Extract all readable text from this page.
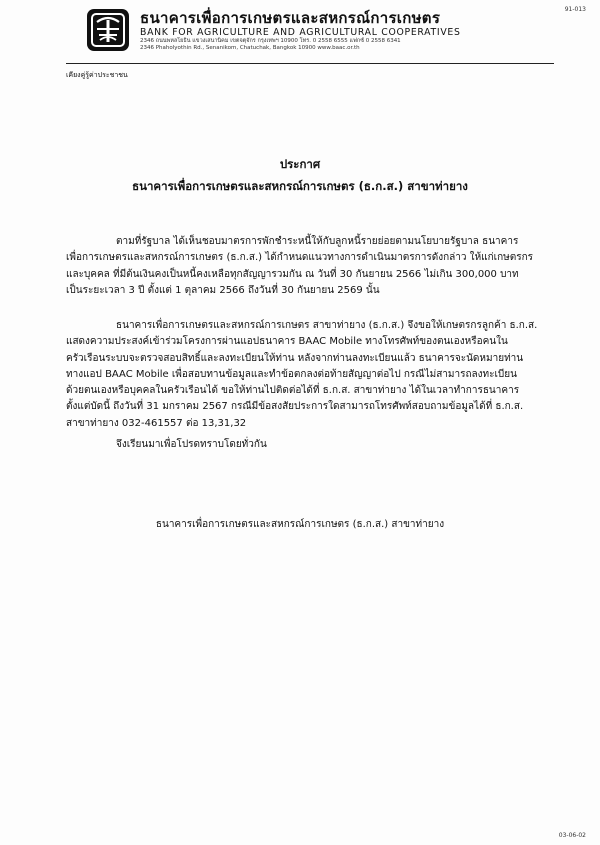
91-013
ธนาคารเพื่อการเกษตรและสหกรณ์การเกษตร
BANK FOR AGRICULTURE AND AGRICULTURAL COOPERATIVES
2346 ถนนพหลโยธิน แขวงเสนานิคม เขตจตุจักร กรุงเทพฯ 10900 โทร. 0 2558 6555 แฟกซ์ 0 2558 6341
2346 Phaholyothin Rd., Senanikom, Chatuchak, Bangkok 10900 www.baac.or.th
เคียงคู่รู้ค่าประชาชน
ประกาศ
ธนาคารเพื่อการเกษตรและสหกรณ์การเกษตร (ธ.ก.ส.) สาขาท่ายาง
ตามที่รัฐบาล ได้เห็นชอบมาตรการพักชำระหนี้ให้กับลูกหนี้รายย่อยตามนโยบายรัฐบาล ธนาคาร
เพื่อการเกษตรและสหกรณ์การเกษตร (ธ.ก.ส.) ได้กำหนดแนวทางการดำเนินมาตรการดังกล่าว ให้แก่เกษตรกร
และบุคคล ที่มีต้นเงินคงเป็นหนี้คงเหลือทุกสัญญารวมกัน ณ วันที่ 30 กันยายน 2566 ไม่เกิน 300,000 บาท
เป็นระยะเวลา 3 ปี ตั้งแต่ 1 ตุลาคม 2566 ถึงวันที่ 30 กันยายน 2569 นั้น
ธนาคารเพื่อการเกษตรและสหกรณ์การเกษตร สาขาท่ายาง (ธ.ก.ส.) จึงขอให้เกษตรกรลูกค้า ธ.ก.ส.
แสดงความประสงค์เข้าร่วมโครงการผ่านแอปธนาคาร BAAC Mobile ทางโทรศัพท์ของตนเองหรือคนใน
ครัวเรือนระบบจะตรวจสอบสิทธิ์และลงทะเบียนให้ท่าน หลังจากท่านลงทะเบียนแล้ว ธนาคารจะนัดหมายท่าน
ทางแอป BAAC Mobile เพื่อสอบทานข้อมูลและทำข้อตกลงต่อท้ายสัญญาต่อไป กรณีไม่สามารถลงทะเบียน
ด้วยตนเองหรือบุคคลในครัวเรือนได้ ขอให้ท่านไปติดต่อได้ที่ ธ.ก.ส. สาขาท่ายาง ได้ในเวลาทำการธนาคาร
ตั้งแต่บัดนี้ ถึงวันที่ 31 มกราคม 2567 กรณีมีข้อสงสัยประการใดสามารถโทรศัพท์สอบถามข้อมูลได้ที่ ธ.ก.ส.
สาขาท่ายาง 032-461557 ต่อ 13,31,32
จึงเรียนมาเพื่อโปรดทราบโดยทั่วกัน
ธนาคารเพื่อการเกษตรและสหกรณ์การเกษตร (ธ.ก.ส.) สาขาท่ายาง
03-06-02
